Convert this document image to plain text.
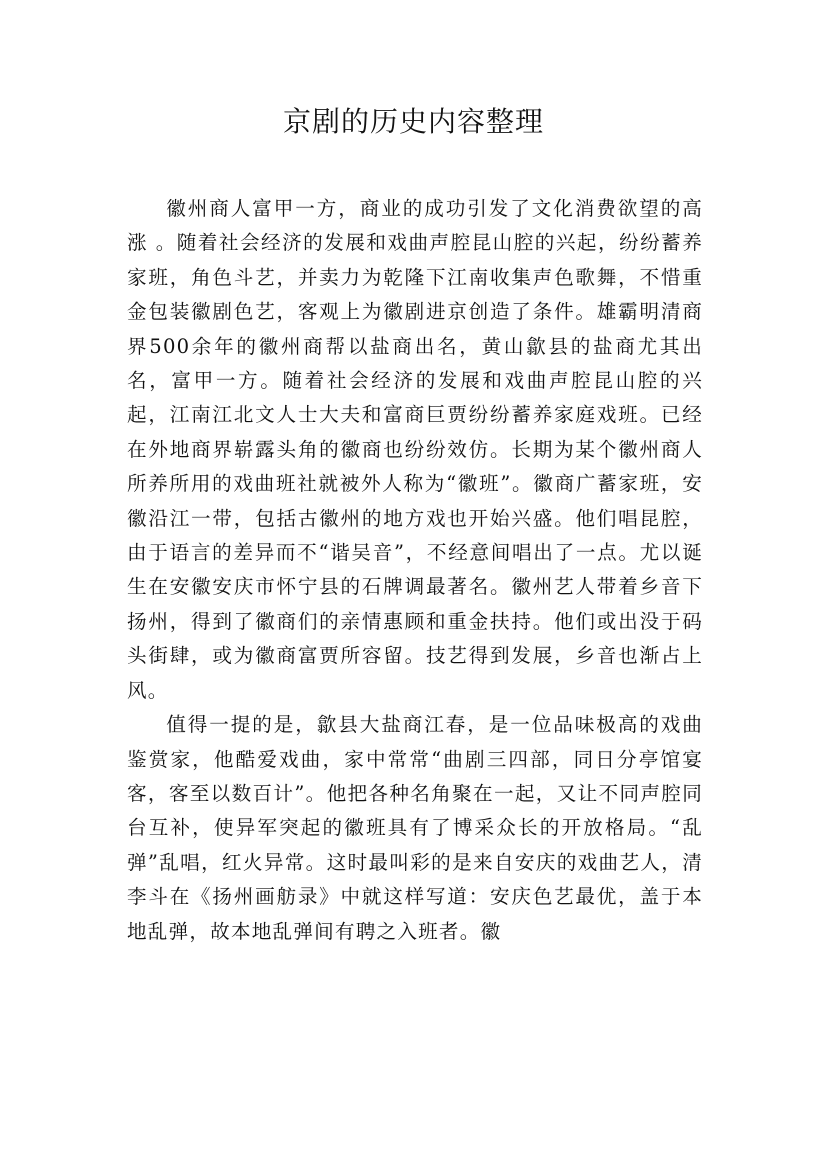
京剧的历史内容整理

徽州商人富甲一方，商业的成功引发了文化消费欲望的高涨 。随着社会经济的发展和戏曲声腔昆山腔的兴起，纷纷蓄养家班，角色斗艺，并卖力为乾隆下江南收集声色歌舞，不惜重金包装徽剧色艺，客观上为徽剧进京创造了条件。雄霸明清商界500余年的徽州商帮以盐商出名，黄山歙县的盐商尤其出名，富甲一方。随着社会经济的发展和戏曲声腔昆山腔的兴起，江南江北文人士大夫和富商巨贾纷纷蓄养家庭戏班。已经在外地商界崭露头角的徽商也纷纷效仿。长期为某个徽州商人所养所用的戏曲班社就被外人称为“徽班”。徽商广蓄家班，安徽沿江一带，包括古徽州的地方戏也开始兴盛。他们唱昆腔，由于语言的差异而不“谐吴音”，不经意间唱出了一点。尤以诞生在安徽安庆市怀宁县的石牌调最著名。徽州艺人带着乡音下扬州，得到了徽商们的亲情惠顾和重金扶持。他们或出没于码头街肆，或为徽商富贾所容留。技艺得到发展，乡音也渐占上风。

值得一提的是，歙县大盐商江春，是一位品味极高的戏曲鉴赏家，他酷爱戏曲，家中常常“曲剧三四部，同日分亭馆宴客，客至以数百计”。他把各种名角聚在一起，又让不同声腔同台互补，使异军突起的徽班具有了博采众长的开放格局。“乱弹”乱唱，红火异常。这时最叫彩的是来自安庆的戏曲艺人，清李斗在《扬州画舫录》中就这样写道：安庆色艺最优，盖于本地乱弹，故本地乱弹间有聘之入班者。徽
